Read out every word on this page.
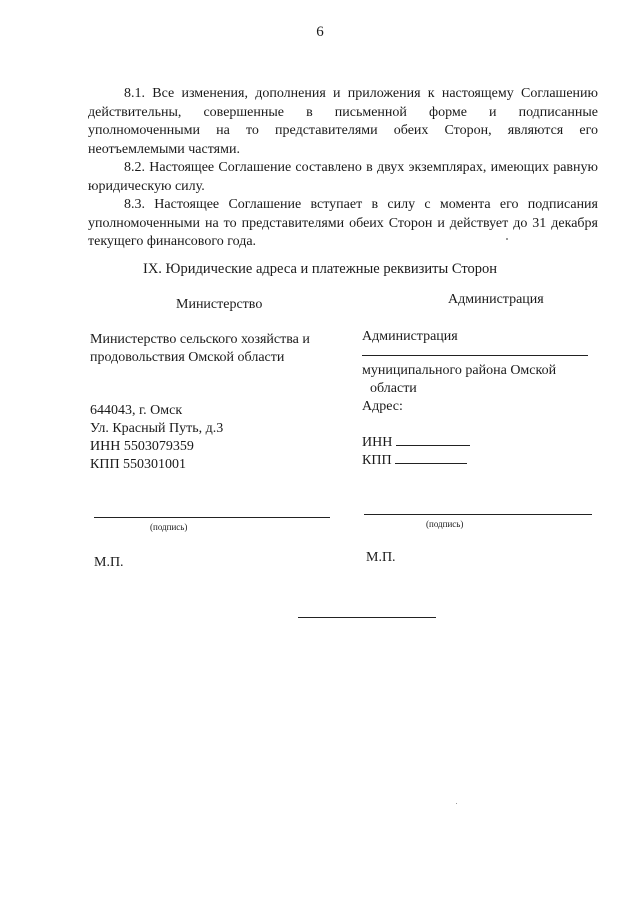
6

8.1. Все изменения, дополнения и приложения к настоящему Соглашению действительны, совершенные в письменной форме и подписанные уполномоченными на то представителями обеих Сторон, являются его неотъемлемыми частями.

8.2. Настоящее Соглашение составлено в двух экземплярах, имеющих равную юридическую силу.

8.3. Настоящее Соглашение вступает в силу с момента его подписания уполномоченными на то представителями обеих Сторон и действует до 31 декабря текущего финансового года.

IX. Юридические адреса и платежные реквизиты Сторон
Министерство
Министерство сельского хозяйства и
продовольствия Омской области
644043, г. Омск
Ул. Красный Путь, д.3
ИНН 5503079359
КПП 550301001
(подпись)
М.П.
Администрация
Администрация
муниципального района Омской
области
Адрес:
ИНН
КПП
(подпись)
М.П.
